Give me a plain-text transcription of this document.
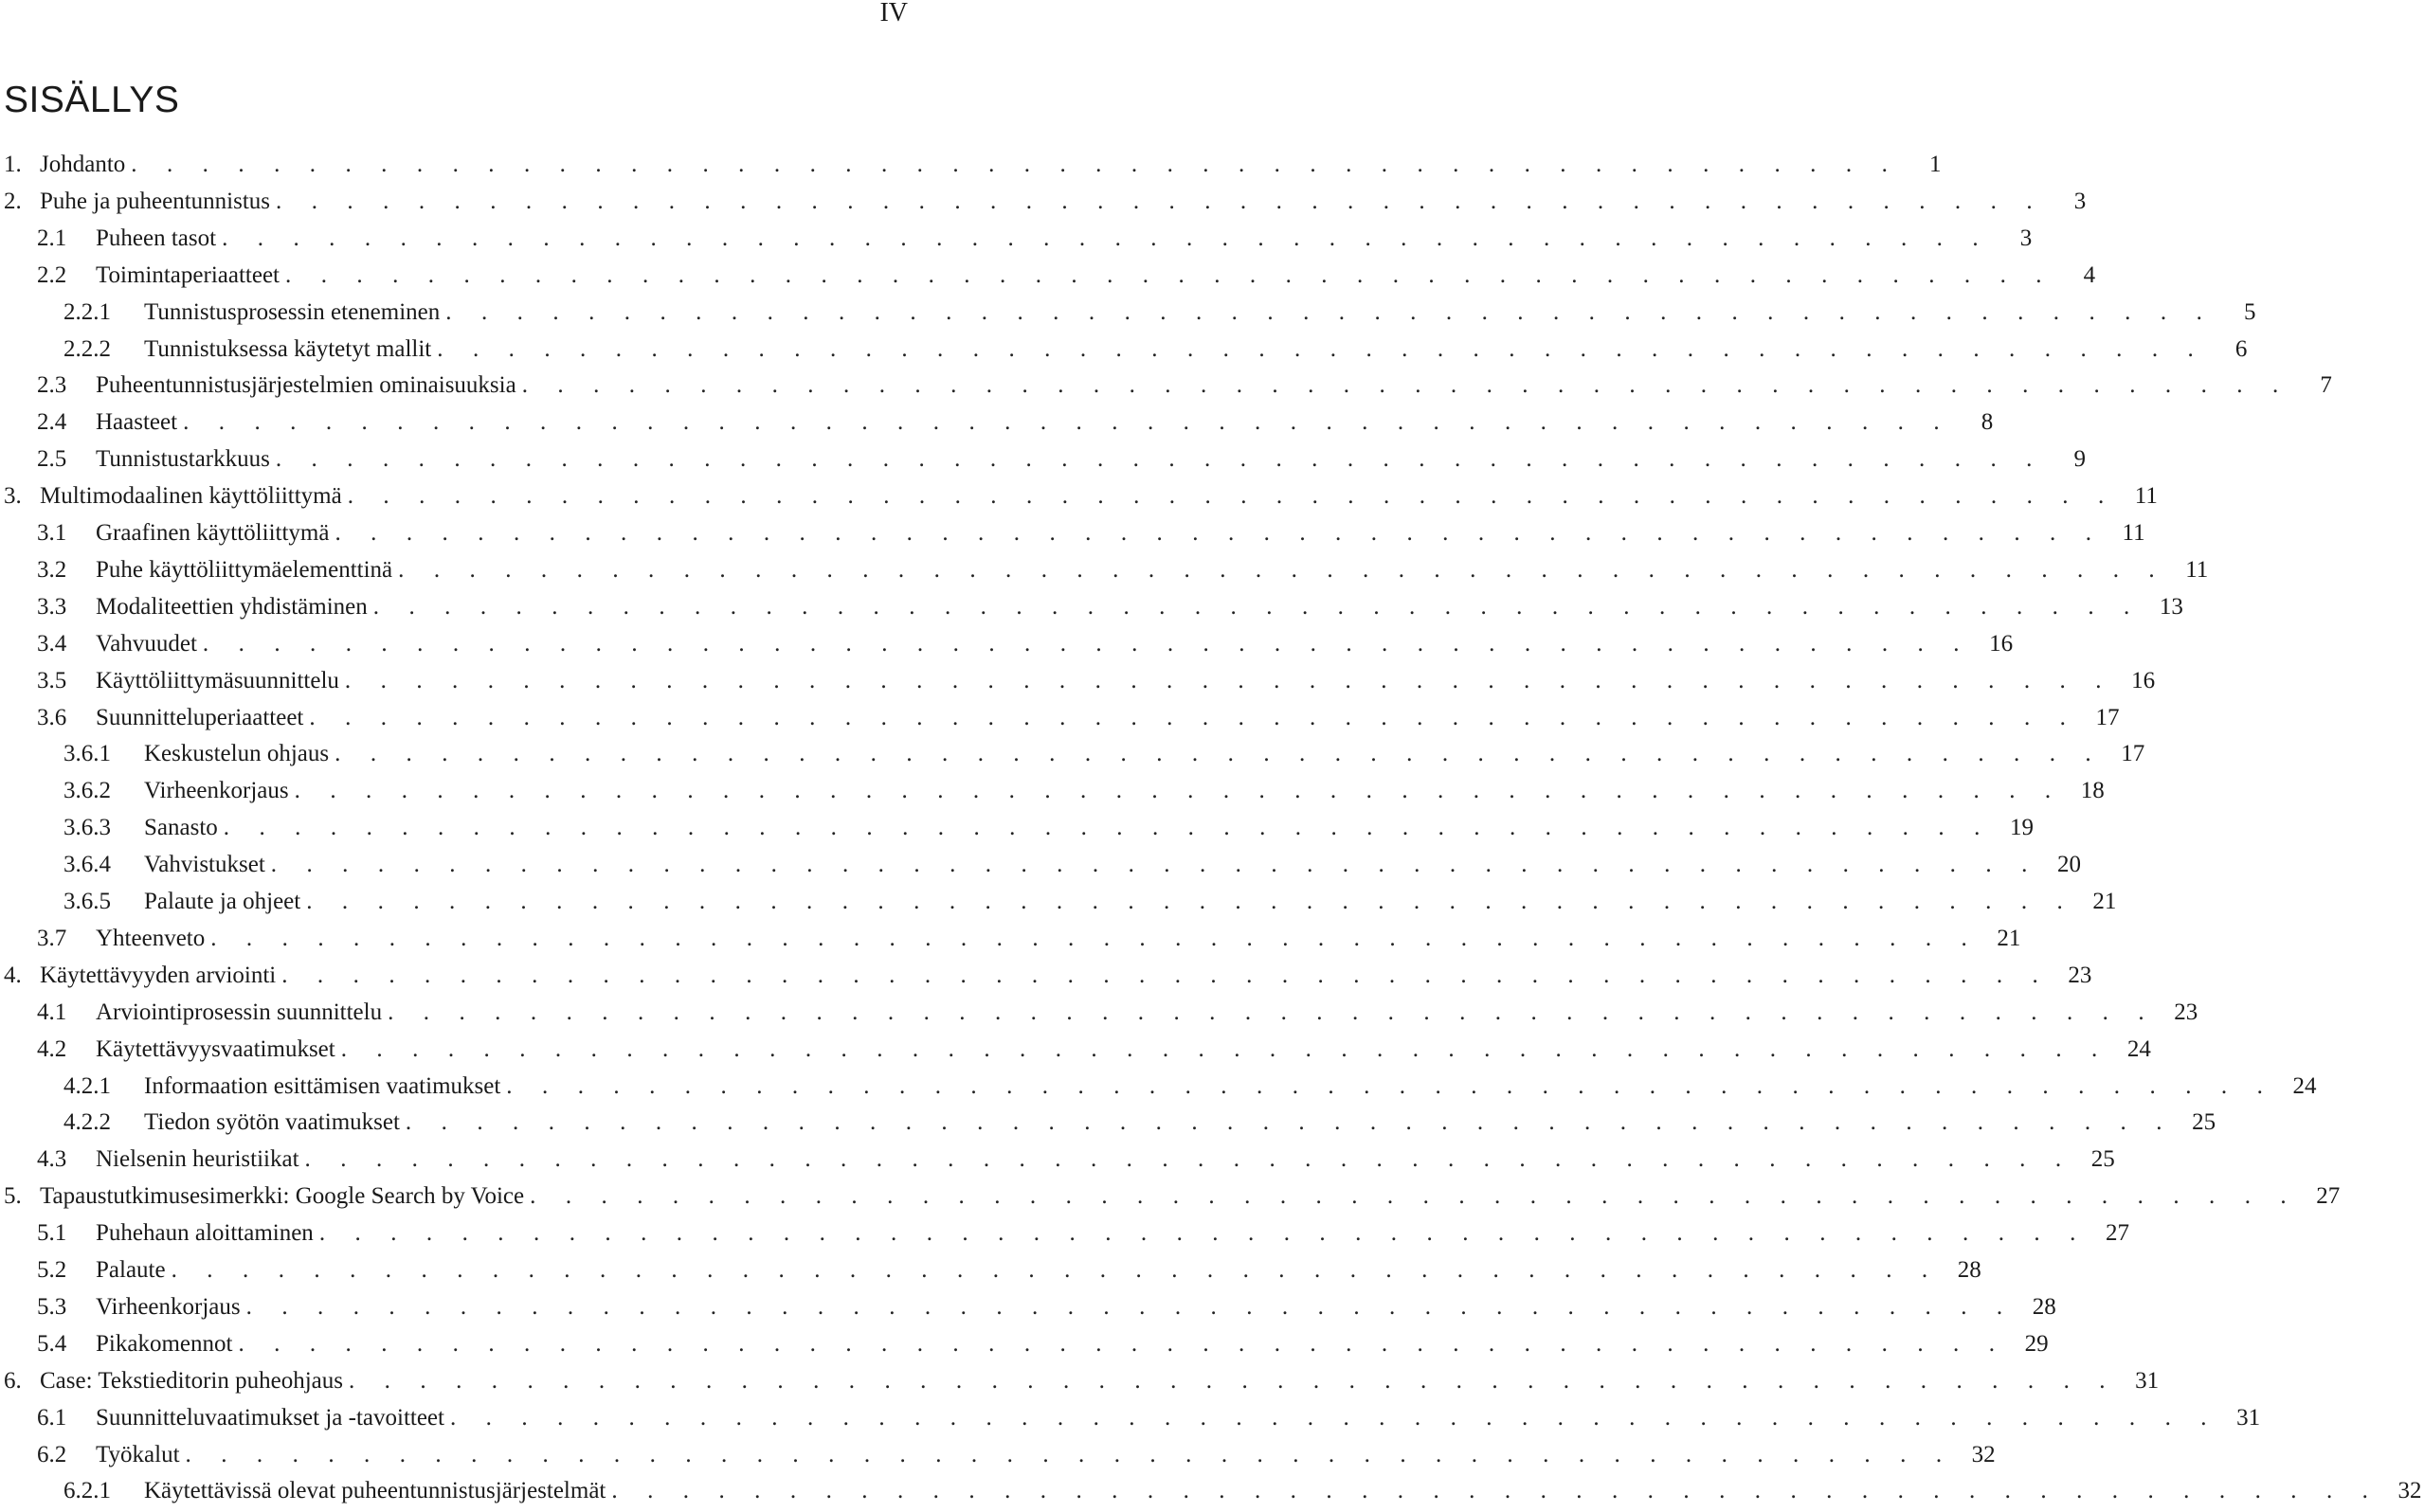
IV
SISÄLLYS
1. Johdanto . . . . . . . . . . . . . . . . . . . . . . . . . . . . . . . . . . . . . . . . . . . . . . . . . .	1
2. Puhe ja puheentunnistus . . . . . . . . . . . . . . . . . . . . . . . . . . . . . . . . . . . . . . . . . . . . . . . . . .	3
2.1	Puheen tasot . . . . . . . . . . . . . . . . . . . . . . . . . . . . . . . . . . . . . . . . . . . . . . . . . .	3
2.2	Toimintaperiaatteet . . . . . . . . . . . . . . . . . . . . . . . . . . . . . . . . . . . . . . . . . . . . . . . . . .	4
2.2.1	Tunnistusprosessin eteneminen . . . . . . . . . . . . . . . . . . . . . . . . . . . . . . . . . . . . . . . . . . . . . . . . . .	5
2.2.2	Tunnistuksessa käytetyt mallit . . . . . . . . . . . . . . . . . . . . . . . . . . . . . . . . . . . . . . . . . . . . . . . . . .	6
2.3	Puheentunnistusjärjestelmien ominaisuuksia . . . . . . . . . . . . . . . . . . . . . . . . . . . . . . . . . . . . . . . . . . . . . . . . . .	7
2.4	Haasteet . . . . . . . . . . . . . . . . . . . . . . . . . . . . . . . . . . . . . . . . . . . . . . . . . .	8
2.5	Tunnistustarkkuus . . . . . . . . . . . . . . . . . . . . . . . . . . . . . . . . . . . . . . . . . . . . . . . . . .	9
3. Multimodaalinen käyttöliittymä . . . . . . . . . . . . . . . . . . . . . . . . . . . . . . . . . . . . . . . . . . . . . . . . . . 11
3.1	Graafinen käyttöliittymä . . . . . . . . . . . . . . . . . . . . . . . . . . . . . . . . . . . . . . . . . . . . . . . . . . 11
3.2	Puhe käyttöliittymäelementtinä . . . . . . . . . . . . . . . . . . . . . . . . . . . . . . . . . . . . . . . . . . . . . . . . . . 11
3.3	Modaliteettien yhdistäminen . . . . . . . . . . . . . . . . . . . . . . . . . . . . . . . . . . . . . . . . . . . . . . . . . . 13
3.4	Vahvuudet . . . . . . . . . . . . . . . . . . . . . . . . . . . . . . . . . . . . . . . . . . . . . . . . . . 16
3.5	Käyttöliittymäsuunnittelu . . . . . . . . . . . . . . . . . . . . . . . . . . . . . . . . . . . . . . . . . . . . . . . . . . 16
3.6	Suunnitteluperiaatteet . . . . . . . . . . . . . . . . . . . . . . . . . . . . . . . . . . . . . . . . . . . . . . . . . . 17
3.6.1	Keskustelun ohjaus . . . . . . . . . . . . . . . . . . . . . . . . . . . . . . . . . . . . . . . . . . . . . . . . . . 17
3.6.2	Virheenkorjaus . . . . . . . . . . . . . . . . . . . . . . . . . . . . . . . . . . . . . . . . . . . . . . . . . . 18
3.6.3	Sanasto . . . . . . . . . . . . . . . . . . . . . . . . . . . . . . . . . . . . . . . . . . . . . . . . . . 19
3.6.4	Vahvistukset . . . . . . . . . . . . . . . . . . . . . . . . . . . . . . . . . . . . . . . . . . . . . . . . . . 20
3.6.5	Palaute ja ohjeet . . . . . . . . . . . . . . . . . . . . . . . . . . . . . . . . . . . . . . . . . . . . . . . . . . 21
3.7	Yhteenveto . . . . . . . . . . . . . . . . . . . . . . . . . . . . . . . . . . . . . . . . . . . . . . . . . . 21
4. Käytettävyyden arviointi . . . . . . . . . . . . . . . . . . . . . . . . . . . . . . . . . . . . . . . . . . . . . . . . . . 23
4.1	Arviointiprosessin suunnittelu . . . . . . . . . . . . . . . . . . . . . . . . . . . . . . . . . . . . . . . . . . . . . . . . . . 23
4.2	Käytettävyysvaatimukset . . . . . . . . . . . . . . . . . . . . . . . . . . . . . . . . . . . . . . . . . . . . . . . . . . 24
4.2.1	Informaation esittämisen vaatimukset . . . . . . . . . . . . . . . . . . . . . . . . . . . . . . . . . . . . . . . . . . . . . . . . . . 24
4.2.2	Tiedon syötön vaatimukset . . . . . . . . . . . . . . . . . . . . . . . . . . . . . . . . . . . . . . . . . . . . . . . . . . 25
4.3	Nielsenin heuristiikat . . . . . . . . . . . . . . . . . . . . . . . . . . . . . . . . . . . . . . . . . . . . . . . . . . 25
5. Tapaustutkimusesimerkki: Google Search by Voice . . . . . . . . . . . . . . . . . . . . . . . . . . . . . . . . . . . . . . . . . . . . . . . . . . 27
5.1	Puhehaun aloittaminen . . . . . . . . . . . . . . . . . . . . . . . . . . . . . . . . . . . . . . . . . . . . . . . . . . 27
5.2	Palaute . . . . . . . . . . . . . . . . . . . . . . . . . . . . . . . . . . . . . . . . . . . . . . . . . . 28
5.3	Virheenkorjaus . . . . . . . . . . . . . . . . . . . . . . . . . . . . . . . . . . . . . . . . . . . . . . . . . . 28
5.4	Pikakomennot . . . . . . . . . . . . . . . . . . . . . . . . . . . . . . . . . . . . . . . . . . . . . . . . . . 29
6. Case: Tekstieditorin puheohjaus . . . . . . . . . . . . . . . . . . . . . . . . . . . . . . . . . . . . . . . . . . . . . . . . . . 31
6.1	Suunnitteluvaatimukset ja -tavoitteet . . . . . . . . . . . . . . . . . . . . . . . . . . . . . . . . . . . . . . . . . . . . . . . . . . 31
6.2	Työkalut . . . . . . . . . . . . . . . . . . . . . . . . . . . . . . . . . . . . . . . . . . . . . . . . . . 32
6.2.1	Käytettävissä olevat puheentunnistusjärjestelmät . . . . . . . . . . . . . . . . . . . . . . . . . . . . . . . . . . . . . . . . . . . . . . . . . . 32
